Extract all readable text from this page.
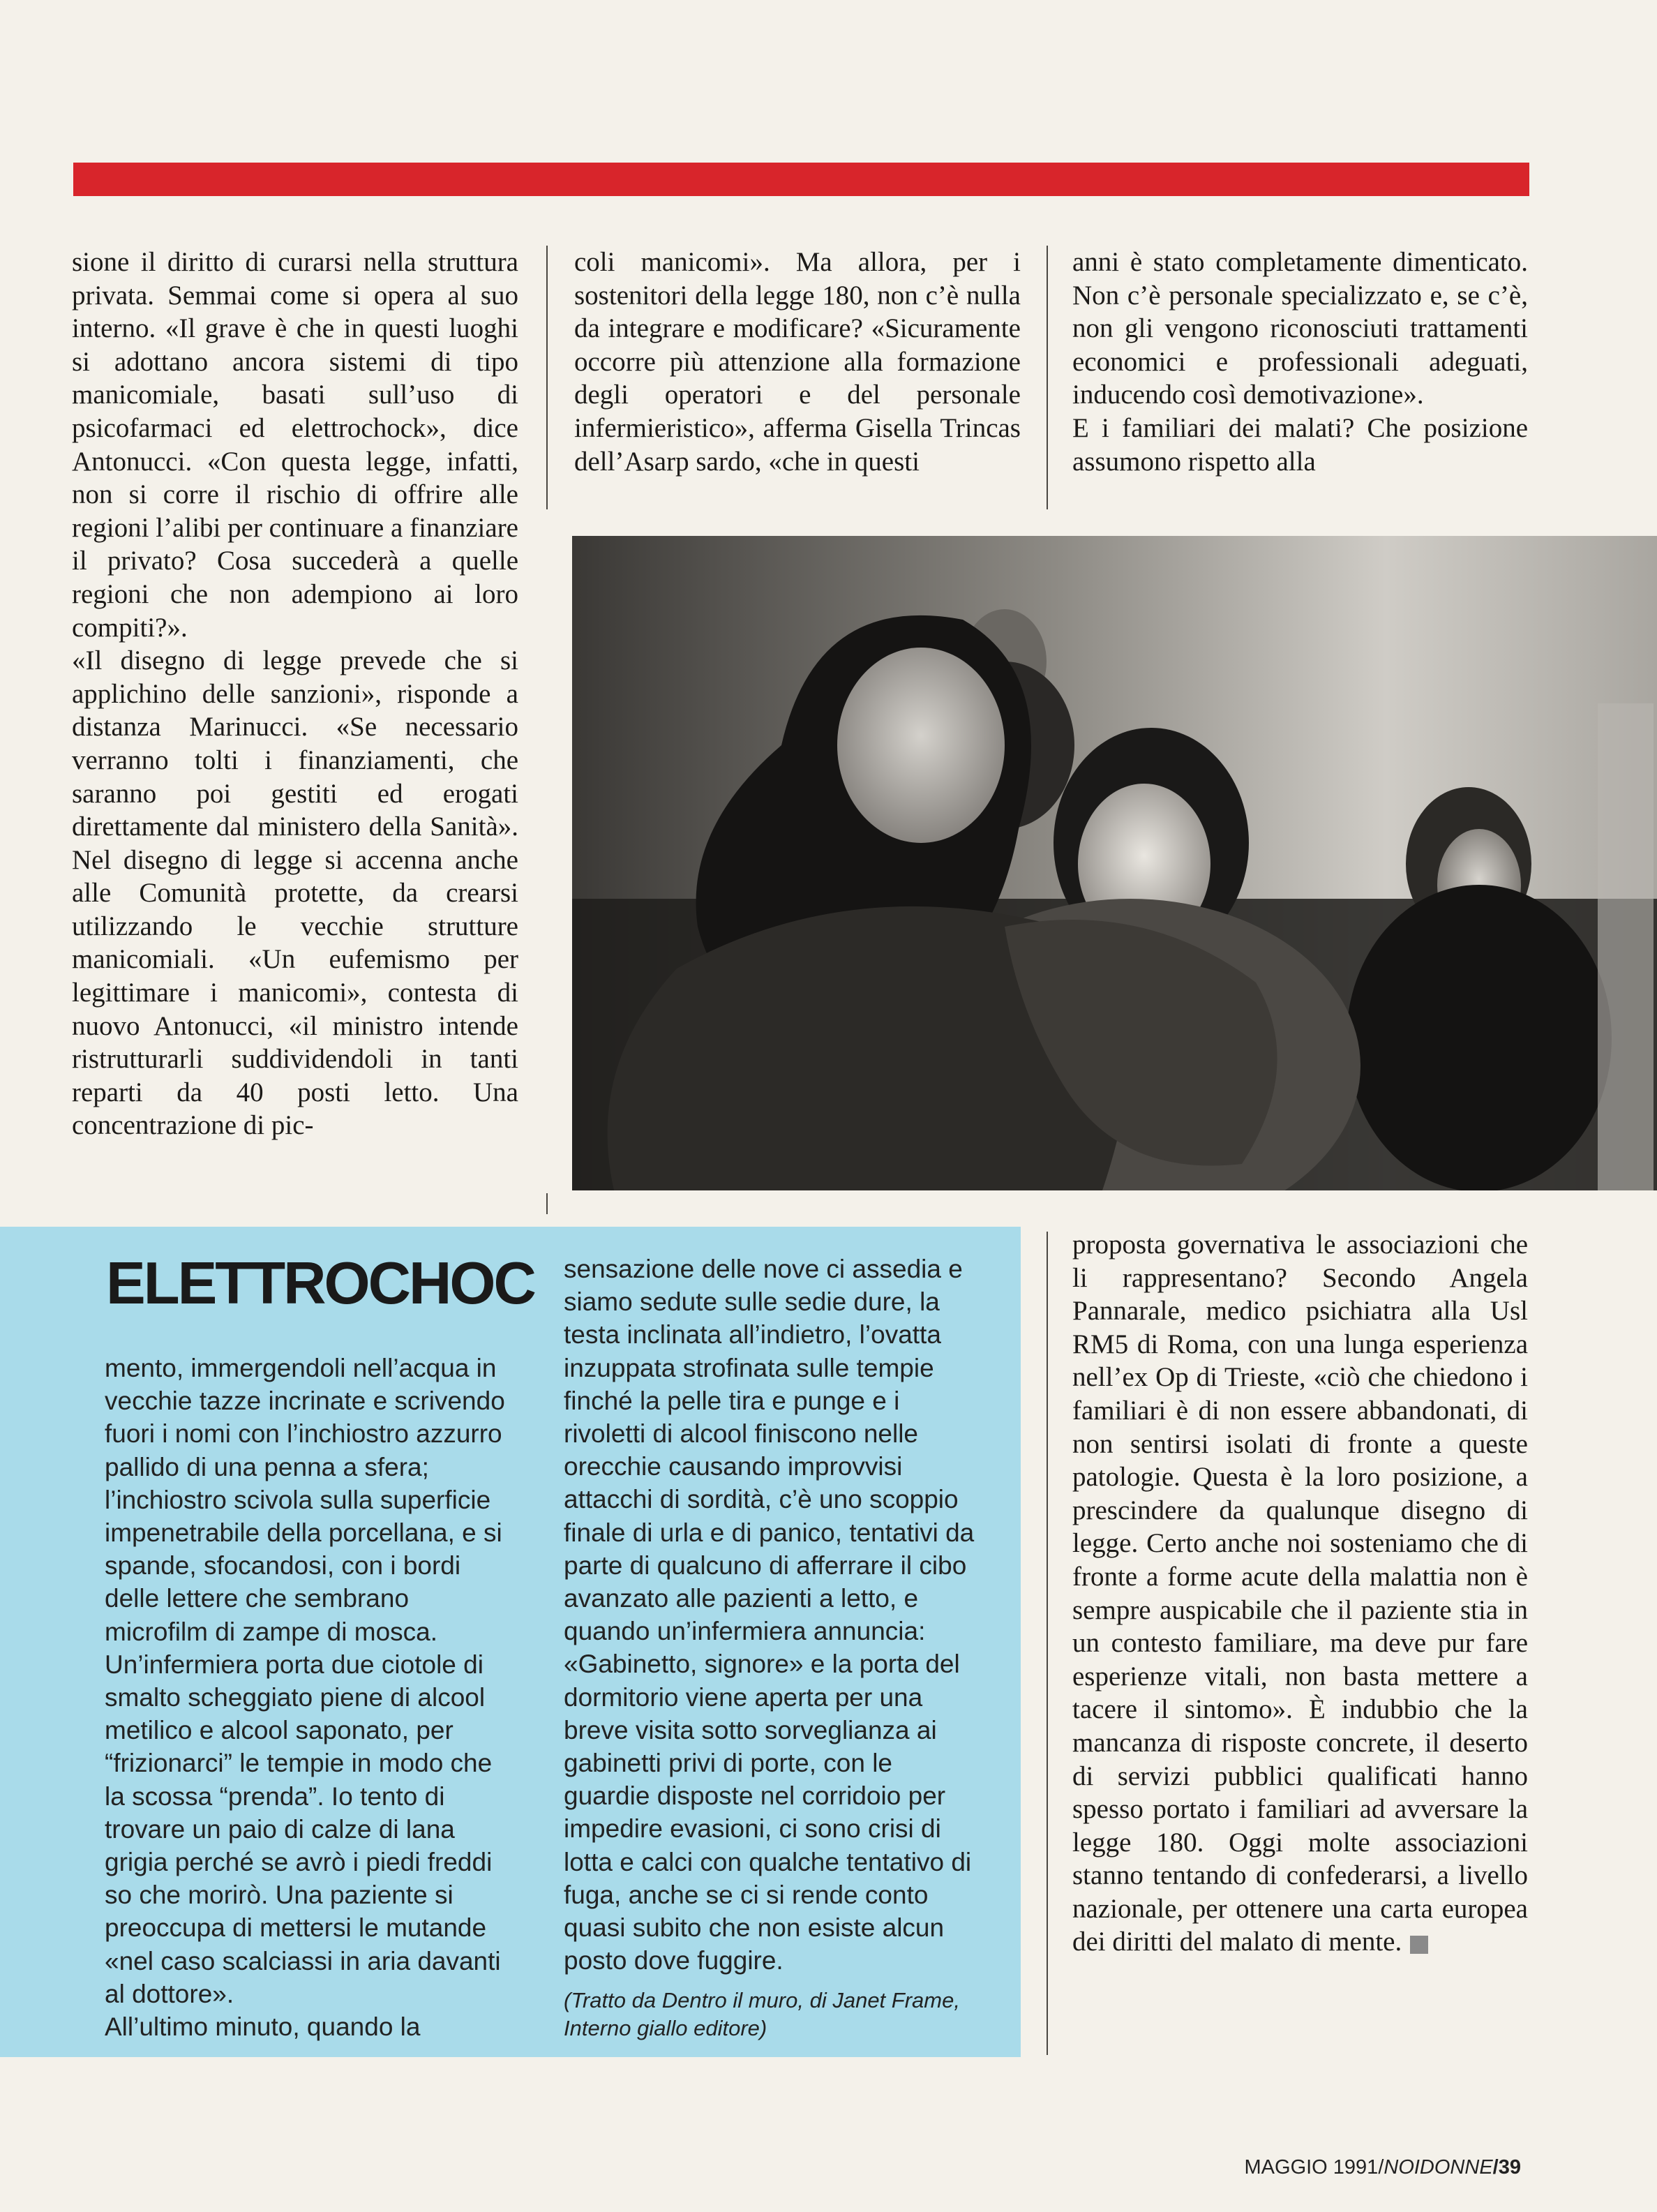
sione il diritto di curarsi nella struttura privata. Semmai come si opera al suo interno. «Il grave è che in questi luoghi si adottano ancora sistemi di tipo manicomiale, basati sull’uso di psicofarmaci ed elettrochock», dice Antonucci. «Con questa legge, infatti, non si corre il rischio di offrire alle regioni l’alibi per continuare a finanziare il privato? Cosa succederà a quelle regioni che non adempiono ai loro compiti?».

«Il disegno di legge prevede che si applichino delle sanzioni», risponde a distanza Marinucci. «Se necessario verranno tolti i finanziamenti, che saranno poi gestiti ed erogati direttamente dal ministero della Sanità». Nel disegno di legge si accenna anche alle Comunità protette, da crearsi utilizzando le vecchie strutture manicomiali. «Un eufemismo per legittimare i manicomi», contesta di nuovo Antonucci, «il ministro intende ristrutturarli suddividendoli in tanti reparti da 40 posti letto. Una concentrazione di pic-

coli manicomi». Ma allora, per i sostenitori della legge 180, non c’è nulla da integrare e modificare? «Sicuramente occorre più attenzione alla formazione degli operatori e del personale infermieristico», afferma Gisella Trincas dell’Asarp sardo, «che in questi

anni è stato completamente dimenticato. Non c’è personale specializzato e, se c’è, non gli vengono riconosciuti trattamenti economici e professionali adeguati, inducendo così demotivazione».

E i familiari dei malati? Che posizione assumono rispetto alla

ELETTROCHOC

mento, immergendoli nell’acqua in vecchie tazze incrinate e scrivendo fuori i nomi con l’inchiostro azzurro pallido di una penna a sfera; l’inchiostro scivola sulla superficie impenetrabile della porcellana, e si spande, sfocandosi, con i bordi delle lettere che sembrano microfilm di zampe di mosca.

Un’infermiera porta due ciotole di smalto scheggiato piene di alcool metilico e alcool saponato, per “frizionarci” le tempie in modo che la scossa “prenda”. Io tento di trovare un paio di calze di lana grigia perché se avrò i piedi freddi so che morirò. Una paziente si preoccupa di mettersi le mutande «nel caso scalciassi in aria davanti al dottore».

All’ultimo minuto, quando la

sensazione delle nove ci assedia e siamo sedute sulle sedie dure, la testa inclinata all’indietro, l’ovatta inzuppata strofinata sulle tempie finché la pelle tira e punge e i rivoletti di alcool finiscono nelle orecchie causando improvvisi attacchi di sordità, c’è uno scoppio finale di urla e di panico, tentativi da parte di qualcuno di afferrare il cibo avanzato alle pazienti a letto, e quando un’infermiera annuncia: «Gabinetto, signore» e la porta del dormitorio viene aperta per una breve visita sotto sorveglianza ai gabinetti privi di porte, con le guardie disposte nel corridoio per impedire evasioni, ci sono crisi di lotta e calci con qualche tentativo di fuga, anche se ci si rende conto quasi subito che non esiste alcun posto dove fuggire.

(Tratto da Dentro il muro, di Janet Frame, Interno giallo editore)

proposta governativa le associazioni che li rappresentano? Secondo Angela Pannarale, medico psichiatra alla Usl RM5 di Roma, con una lunga esperienza nell’ex Op di Trieste, «ciò che chiedono i familiari è di non essere abbandonati, di non sentirsi isolati di fronte a queste patologie. Questa è la loro posizione, a prescindere da qualunque disegno di legge. Certo anche noi sosteniamo che di fronte a forme acute della malattia non è sempre auspicabile che il paziente stia in un contesto familiare, ma deve pur fare esperienze vitali, non basta mettere a tacere il sintomo». È indubbio che la mancanza di risposte concrete, il deserto di servizi pubblici qualificati hanno spesso portato i familiari ad avversare la legge 180. Oggi molte associazioni stanno tentando di confederarsi, a livello nazionale, per ottenere una carta europea dei diritti del malato di mente.

MAGGIO 1991/NOIDONNE/39
